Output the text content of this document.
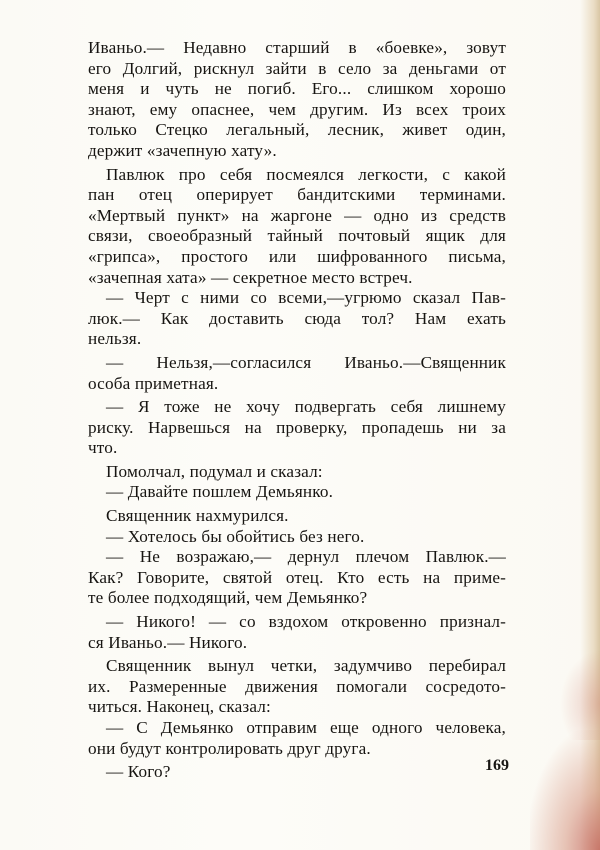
Иваньо.— Недавно старший в «боевке», зовут
его Долгий, рискнул зайти в село за деньгами от
меня и чуть не погиб. Его... слишком хорошо
знают, ему опаснее, чем другим. Из всех троих
только Стецко легальный, лесник, живет один,
держит «зачепную хату».
Павлюк про себя посмеялся легкости, с какой
пан отец оперирует бандитскими терминами.
«Мертвый пункт» на жаргоне — одно из средств
связи, своеобразный тайный почтовый ящик для
«грипса», простого или шифрованного письма,
«зачепная хата» — секретное место встреч.
— Черт с ними со всеми,—угрюмо сказал Пав-
люк.— Как доставить сюда тол? Нам ехать
нельзя.
— Нельзя,—согласился Иваньо.—Священник
особа приметная.
— Я тоже не хочу подвергать себя лишнему
риску. Нарвешься на проверку, пропадешь ни за
что.
Помолчал, подумал и сказал:
— Давайте пошлем Демьянко.
Священник нахмурился.
— Хотелось бы обойтись без него.
— Не возражаю,— дернул плечом Павлюк.—
Как? Говорите, святой отец. Кто есть на приме-
те более подходящий, чем Демьянко?
— Никого! — со вздохом откровенно признал-
ся Иваньо.— Никого.
Священник вынул четки, задумчиво перебирал
их. Размеренные движения помогали сосредото-
читься. Наконец, сказал:
— С Демьянко отправим еще одного человека,
они будут контролировать друг друга.
— Кого?	169
